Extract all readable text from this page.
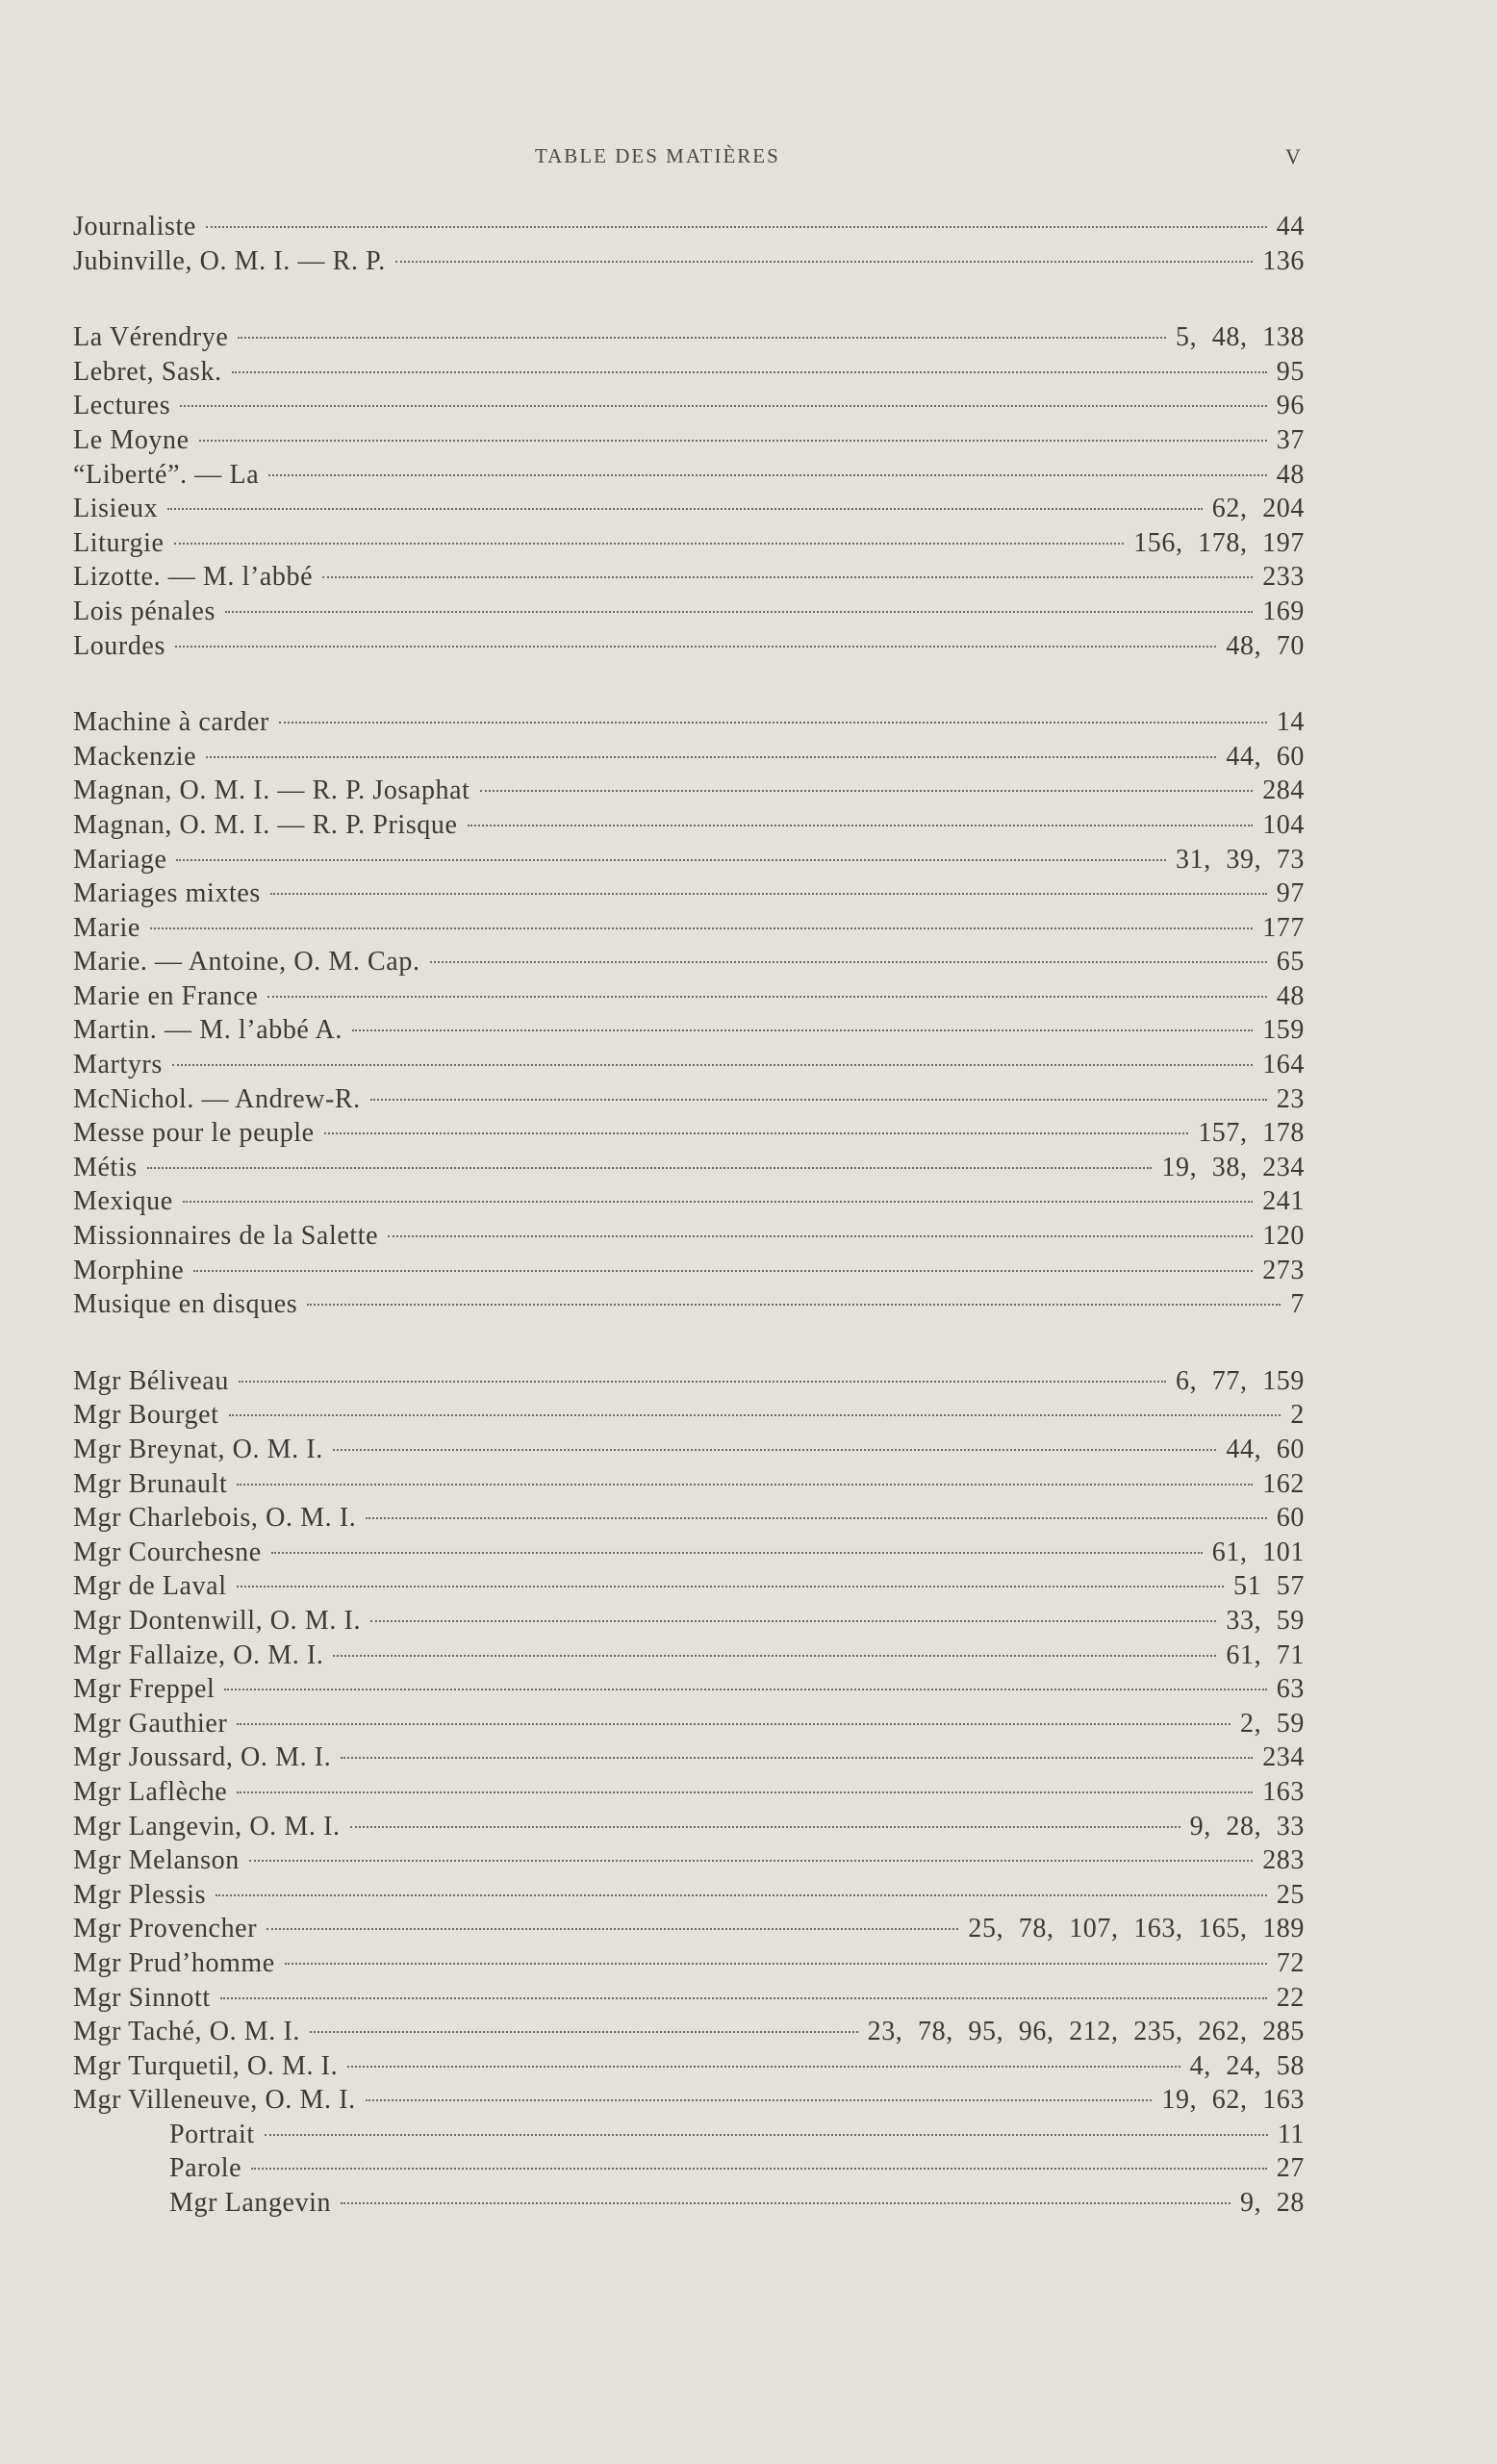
TABLE DES MATIÈRES	V
Journaliste	44
Jubinville, O. M. I. — R. P.	136
La Vérendrye	5, 48, 138
Lebret, Sask.	95
Lectures	96
Le Moyne	37
“Liberté”. — La	48
Lisieux	62, 204
Liturgie	156, 178, 197
Lizotte. — M. l’abbé	233
Lois pénales	169
Lourdes	48, 70
Machine à carder	14
Mackenzie	44, 60
Magnan, O. M. I. — R. P. Josaphat	284
Magnan, O. M. I. — R. P. Prisque	104
Mariage	31, 39, 73
Mariages mixtes	97
Marie	177
Marie. — Antoine, O. M. Cap.	65
Marie en France	48
Martin. — M. l’abbé A.	159
Martyrs	164
McNichol. — Andrew-R.	23
Messe pour le peuple	157, 178
Métis	19, 38, 234
Mexique	241
Missionnaires de la Salette	120
Morphine	273
Musique en disques	7
Mgr Béliveau	6, 77, 159
Mgr Bourget	2
Mgr Breynat, O. M. I.	44, 60
Mgr Brunault	162
Mgr Charlebois, O. M. I.	60
Mgr Courchesne	61, 101
Mgr de Laval	51 57
Mgr Dontenwill, O. M. I.	33, 59
Mgr Fallaize, O. M. I.	61, 71
Mgr Freppel	63
Mgr Gauthier	2, 59
Mgr Joussard, O. M. I.	234
Mgr Laflèche	163
Mgr Langevin, O. M. I.	9, 28, 33
Mgr Melanson	283
Mgr Plessis	25
Mgr Provencher	25, 78, 107, 163, 165, 189
Mgr Prud’homme	72
Mgr Sinnott	22
Mgr Taché, O. M. I.	23, 78, 95, 96, 212, 235, 262, 285
Mgr Turquetil, O. M. I.	4, 24, 58
Mgr Villeneuve, O. M. I.	19, 62, 163
Portrait	11
Parole	27
Mgr Langevin	9, 28
